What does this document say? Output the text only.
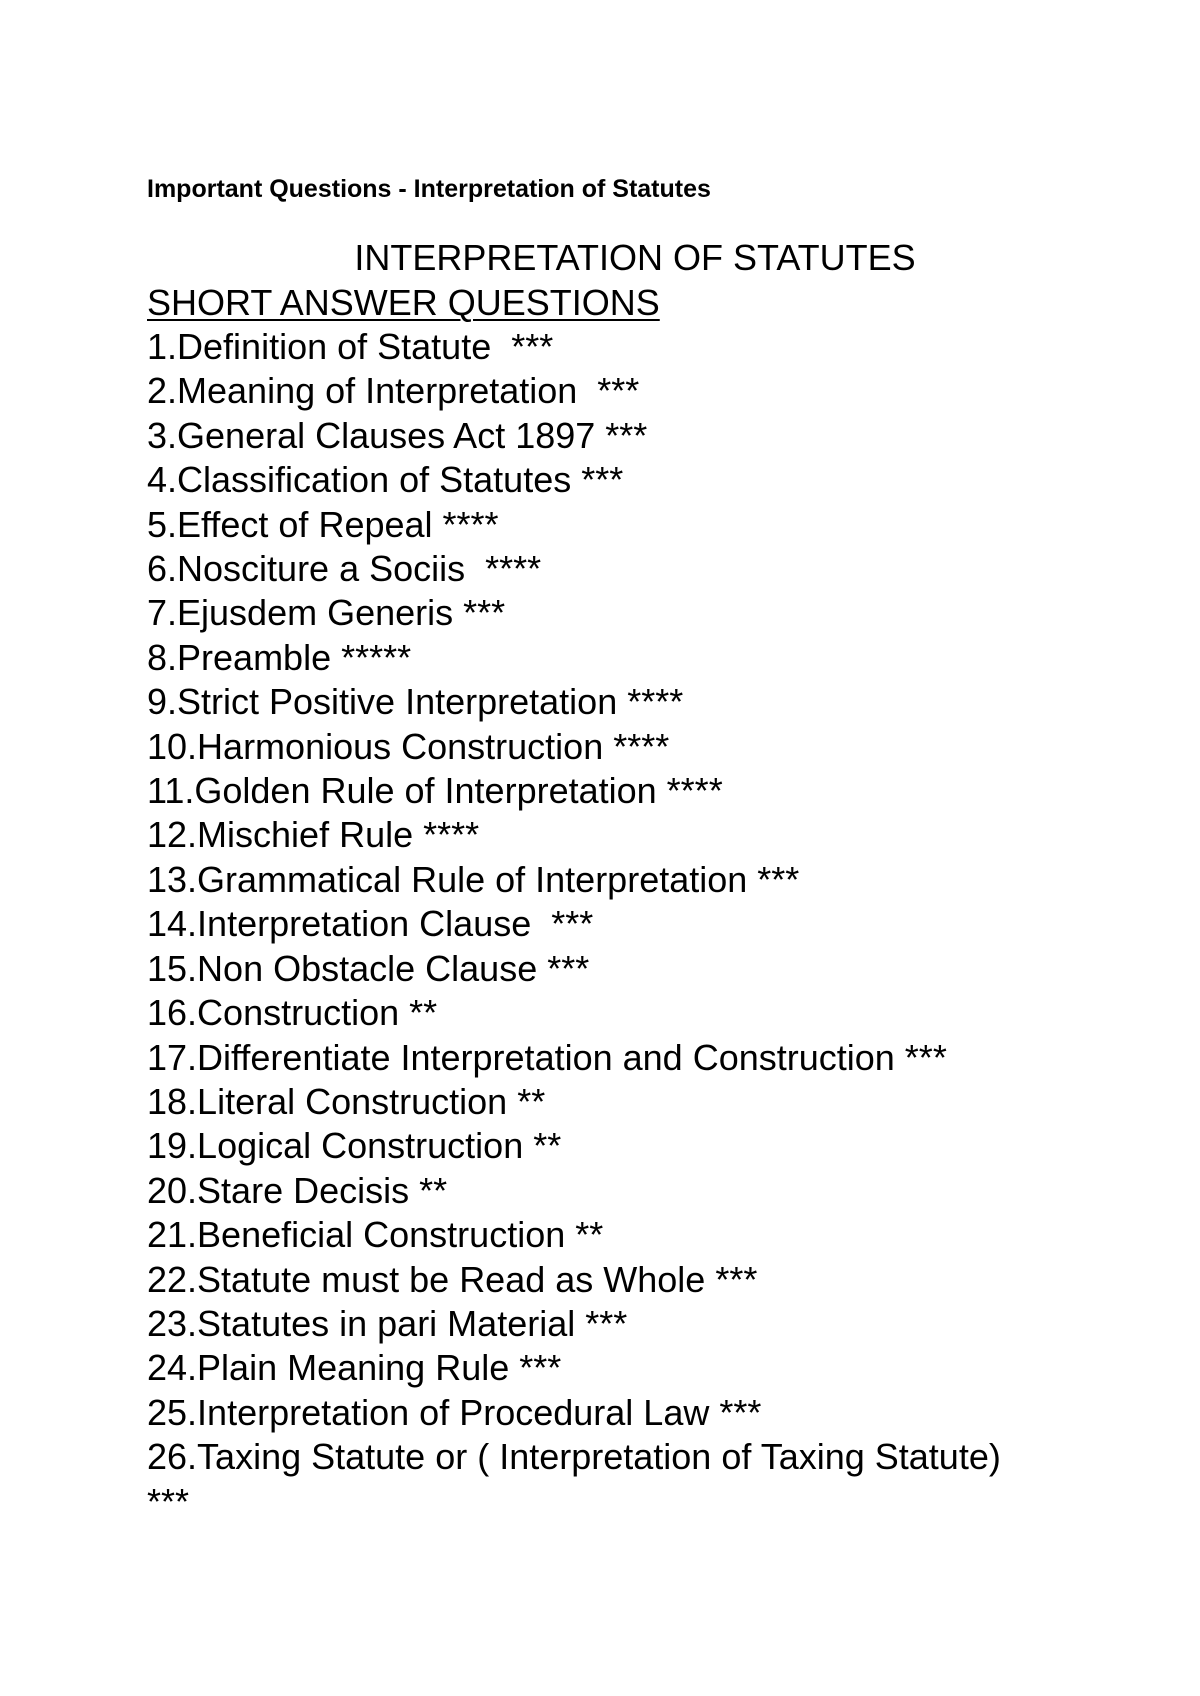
Important Questions - Interpretation of Statutes
INTERPRETATION OF STATUTES
SHORT ANSWER QUESTIONS
1.Definition of Statute  ***
2.Meaning of Interpretation  ***
3.General Clauses Act 1897 ***
4.Classification of Statutes ***
5.Effect of Repeal ****
6.Nosciture a Sociis  ****
7.Ejusdem Generis ***
8.Preamble *****
9.Strict Positive Interpretation ****
10.Harmonious Construction ****
11.Golden Rule of Interpretation ****
12.Mischief Rule ****
13.Grammatical Rule of Interpretation ***
14.Interpretation Clause  ***
15.Non Obstacle Clause ***
16.Construction **
17.Differentiate Interpretation and Construction ***
18.Literal Construction **
19.Logical Construction **
20.Stare Decisis **
21.Beneficial Construction **
22.Statute must be Read as Whole ***
23.Statutes in pari Material ***
24.Plain Meaning Rule ***
25.Interpretation of Procedural Law ***
26.Taxing Statute or ( Interpretation of Taxing Statute) ***
